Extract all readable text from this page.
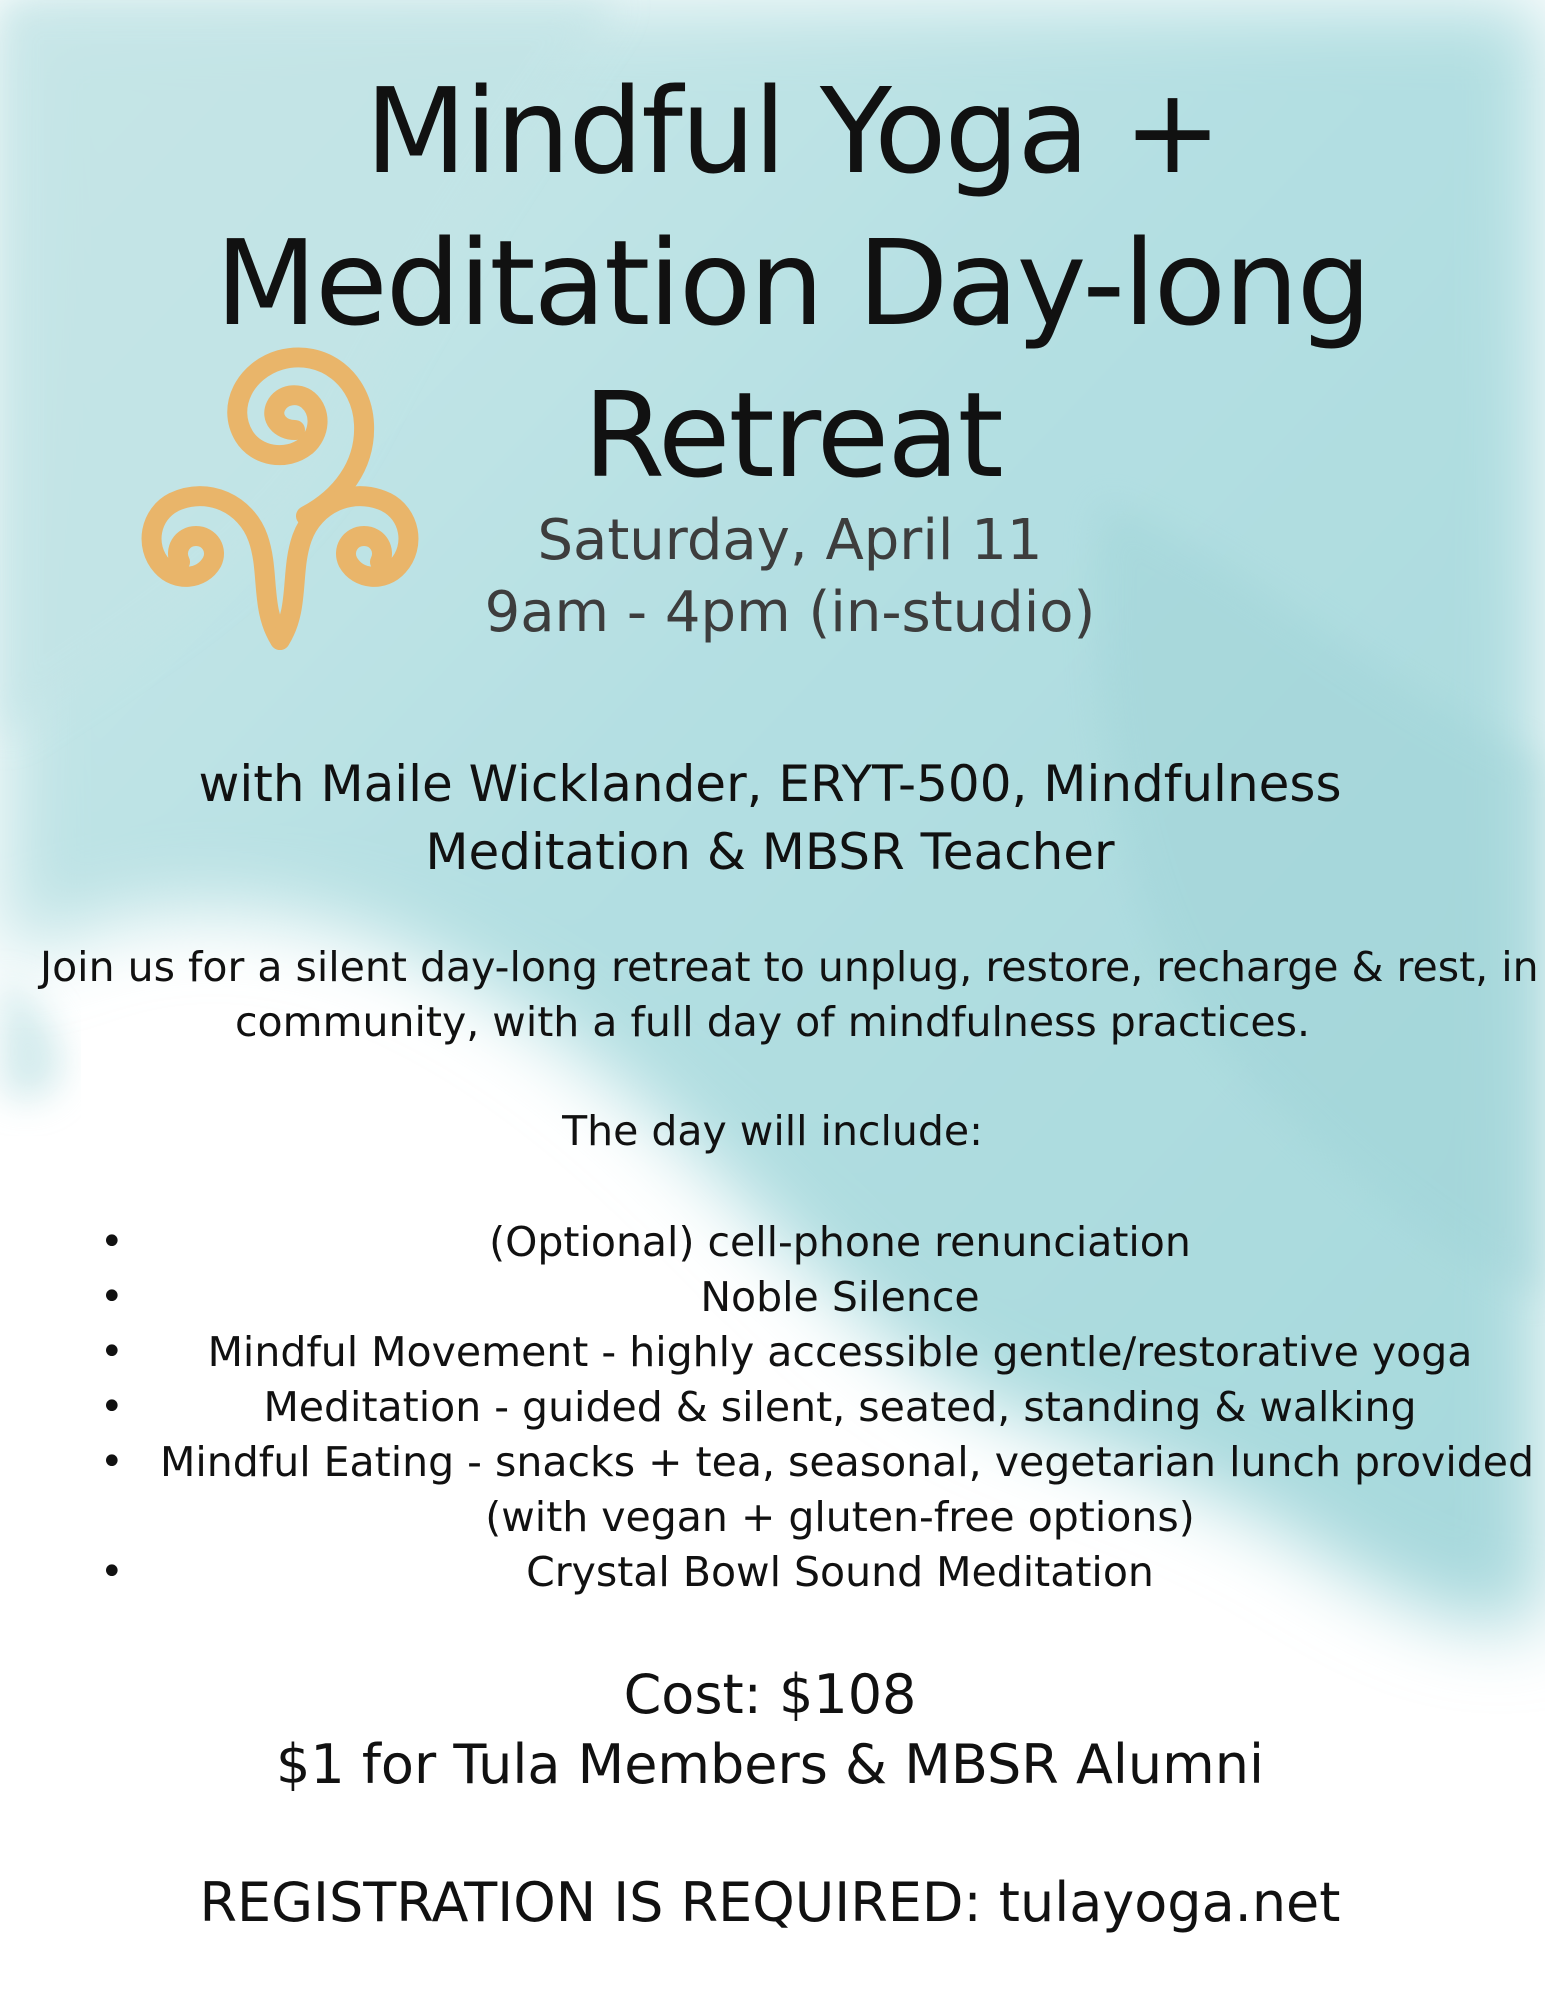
Mindful Yoga +
Meditation Day-long
Retreat
Saturday, April 11
9am - 4pm (in-studio)
with Maile Wicklander, ERYT-500, Mindfulness
Meditation & MBSR Teacher
Join us for a silent day-long retreat to unplug, restore, recharge & rest, in
community, with a full day of mindfulness practices.
The day will include:
•	(Optional) cell-phone renunciation
•	Noble Silence
•	Mindful Movement - highly accessible gentle/restorative yoga
•	Meditation - guided & silent, seated, standing & walking
• Mindful Eating - snacks + tea, seasonal, vegetarian lunch provided
(with vegan + gluten-free options)
•	Crystal Bowl Sound Meditation
Cost: $108
$1 for Tula Members & MBSR Alumni
REGISTRATION IS REQUIRED: tulayoga.net
